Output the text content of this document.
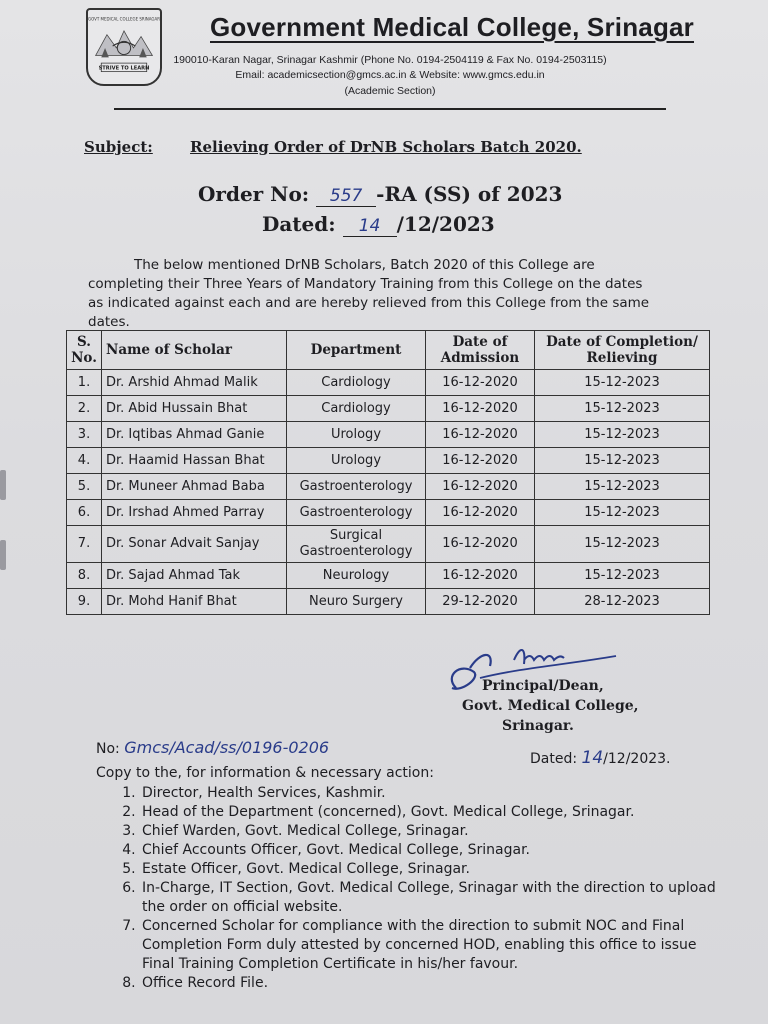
GOVT MEDICAL COLLEGE SRINAGAR
STRIVE TO LEARN
Government Medical College, Srinagar
190010-Karan Nagar, Srinagar Kashmir (Phone No. 0194-2504119 & Fax No. 0194-2503115)
Email: academicsection@gmcs.ac.in & Website: www.gmcs.edu.in
(Academic Section)
Subject: Relieving Order of DrNB Scholars Batch 2020.
Order No: 557 -RA (SS) of 2023
Dated: 14 /12/2023
The below mentioned DrNB Scholars, Batch 2020 of this College are
completing their Three Years of Mandatory Training from this College on the dates
as indicated against each and are hereby relieved from this College from the same
dates.
S. No.	Name of Scholar	Department	Date of Admission	Date of Completion/ Relieving
1.	Dr. Arshid Ahmad Malik	Cardiology	16-12-2020	15-12-2023
2.	Dr. Abid Hussain Bhat	Cardiology	16-12-2020	15-12-2023
3.	Dr. Iqtibas Ahmad Ganie	Urology	16-12-2020	15-12-2023
4.	Dr. Haamid Hassan Bhat	Urology	16-12-2020	15-12-2023
5.	Dr. Muneer Ahmad Baba	Gastroenterology	16-12-2020	15-12-2023
6.	Dr. Irshad Ahmed Parray	Gastroenterology	16-12-2020	15-12-2023
7.	Dr. Sonar Advait Sanjay	Surgical Gastroenterology	16-12-2020	15-12-2023
8.	Dr. Sajad Ahmad Tak	Neurology	16-12-2020	15-12-2023
9.	Dr. Mohd Hanif Bhat	Neuro Surgery	29-12-2020	28-12-2023
Principal/Dean,
Govt. Medical College,
Srinagar.
No: Gmcs/Acad/ss/0196-0206
Dated: 14/12/2023.
Copy to the, for information & necessary action:
1. Director, Health Services, Kashmir.
2. Head of the Department (concerned), Govt. Medical College, Srinagar.
3. Chief Warden, Govt. Medical College, Srinagar.
4. Chief Accounts Officer, Govt. Medical College, Srinagar.
5. Estate Officer, Govt. Medical College, Srinagar.
6. In-Charge, IT Section, Govt. Medical College, Srinagar with the direction to upload the order on official website.
7. Concerned Scholar for compliance with the direction to submit NOC and Final Completion Form duly attested by concerned HOD, enabling this office to issue Final Training Completion Certificate in his/her favour.
8. Office Record File.
